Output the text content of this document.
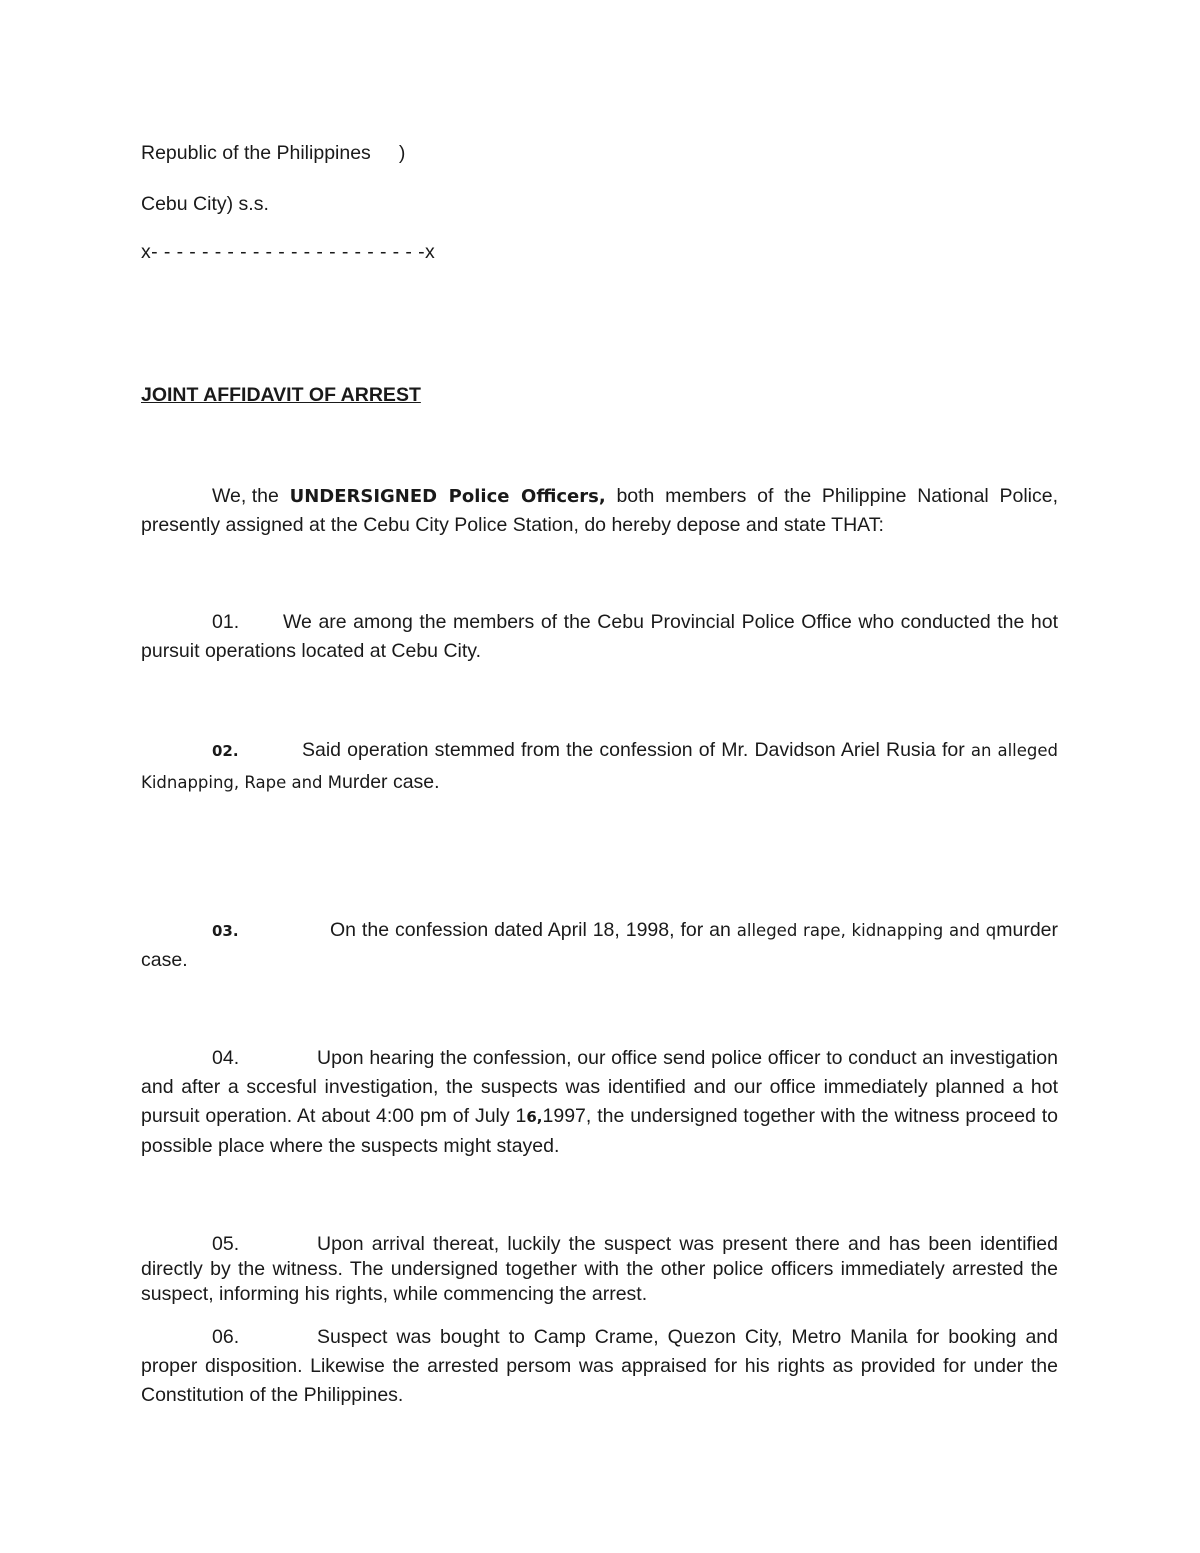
Republic of the Philippines )
Cebu City) s.s.
x- - - - - - - - - - - - - - - - - - - - - -x
JOINT AFFIDAVIT OF ARREST
We, the UNDERSIGNED Police Officers, both members of the Philippine National Police, presently assigned at the Cebu City Police Station, do hereby depose and state THAT:
01. We are among the members of the Cebu Provincial Police Office who conducted the hot pursuit operations located at Cebu City.
02.	Said operation stemmed from the confession of Mr. Davidson Ariel Rusia for an alleged Kidnapping, Rape and Murder case.
03.	On the confession dated April 18, 1998, for an alleged rape, kidnapping and qmurder case.
04.	Upon hearing the confession, our office send police officer to conduct an investigation and after a sccesful investigation, the suspects was identified and our office immediately planned a hot pursuit operation. At about 4:00 pm of July 16,1997, the undersigned together with the witness proceed to possible place where the suspects might stayed.
05.	Upon arrival thereat, luckily the suspect was present there and has been identified directly by the witness. The undersigned together with the other police officers immediately arrested the suspect, informing his rights, while commencing the arrest.
06.	Suspect was bought to Camp Crame, Quezon City, Metro Manila for booking and proper disposition. Likewise the arrested persom was appraised for his rights as provided for under the Constitution of the Philippines.
